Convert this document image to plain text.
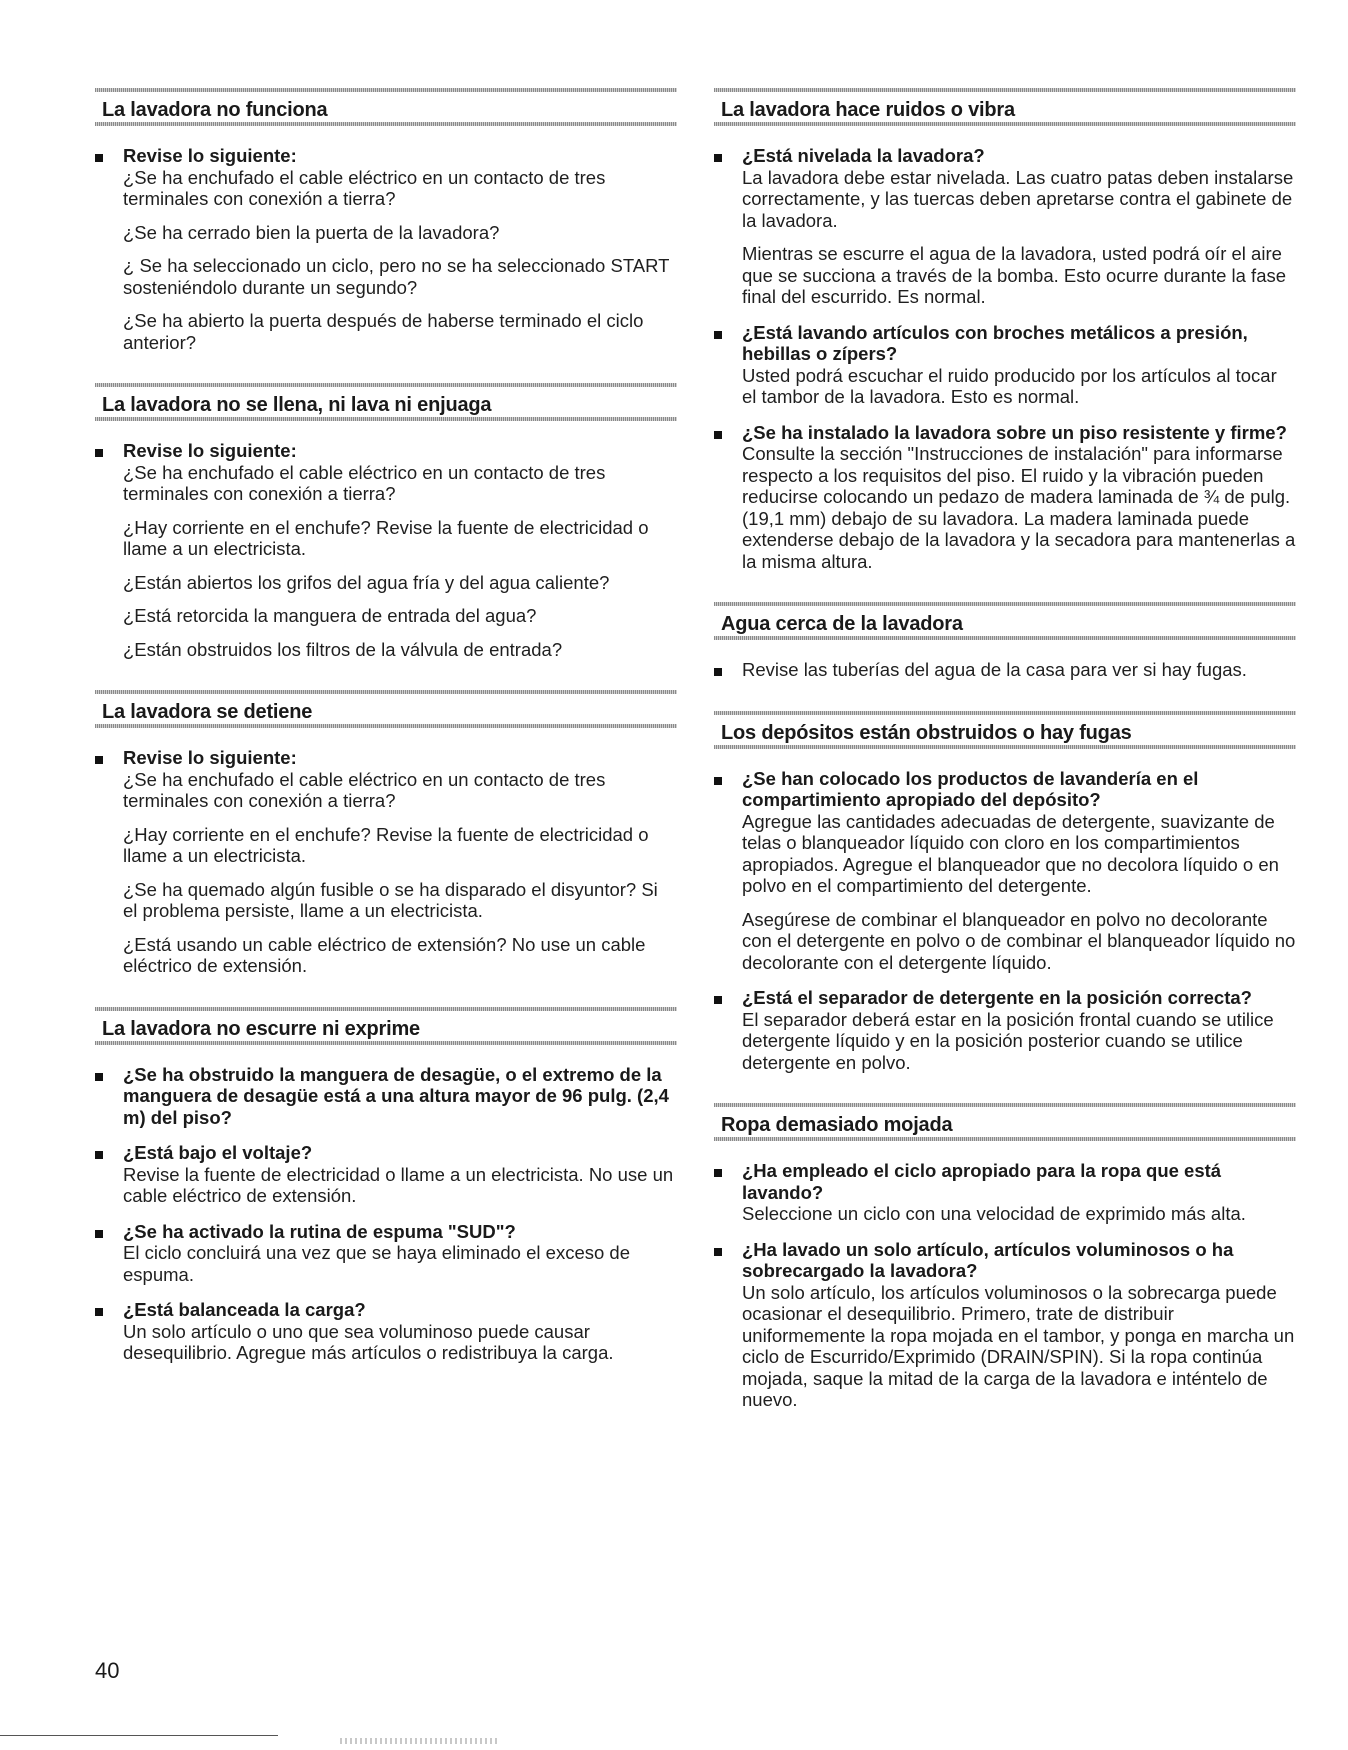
La lavadora no funciona
Revise lo siguiente:

¿Se ha enchufado el cable eléctrico en un contacto de tres terminales con conexión a tierra?

¿Se ha cerrado bien la puerta de la lavadora?

¿ Se ha seleccionado un ciclo, pero no se ha seleccionado START sosteniéndolo durante un segundo?

¿Se ha abierto la puerta después de haberse terminado el ciclo anterior?

La lavadora no se llena, ni lava ni enjuaga
Revise lo siguiente:

¿Se ha enchufado el cable eléctrico en un contacto de tres terminales con conexión a tierra?

¿Hay corriente en el enchufe? Revise la fuente de electricidad o llame a un electricista.

¿Están abiertos los grifos del agua fría y del agua caliente?

¿Está retorcida la manguera de entrada del agua?

¿Están obstruidos los filtros de la válvula de entrada?

La lavadora se detiene
Revise lo siguiente:

¿Se ha enchufado el cable eléctrico en un contacto de tres terminales con conexión a tierra?

¿Hay corriente en el enchufe? Revise la fuente de electricidad o llame a un electricista.

¿Se ha quemado algún fusible o se ha disparado el disyuntor? Si el problema persiste, llame a un electricista.

¿Está usando un cable eléctrico de extensión? No use un cable eléctrico de extensión.

La lavadora no escurre ni exprime
¿Se ha obstruido la manguera de desagüe, o el extremo de la manguera de desagüe está a una altura mayor de 96 pulg. (2,4 m) del piso?
¿Está bajo el voltaje?

Revise la fuente de electricidad o llame a un electricista. No use un cable eléctrico de extensión.

¿Se ha activado la rutina de espuma "SUD"?

El ciclo concluirá una vez que se haya eliminado el exceso de espuma.

¿Está balanceada la carga?

Un solo artículo o uno que sea voluminoso puede causar desequilibrio. Agregue más artículos o redistribuya la carga.

La lavadora hace ruidos o vibra
¿Está nivelada la lavadora?

La lavadora debe estar nivelada. Las cuatro patas deben instalarse correctamente, y las tuercas deben apretarse contra el gabinete de la lavadora.

Mientras se escurre el agua de la lavadora, usted podrá oír el aire que se succiona a través de la bomba. Esto ocurre durante la fase final del escurrido. Es normal.

¿Está lavando artículos con broches metálicos a presión, hebillas o zípers?

Usted podrá escuchar el ruido producido por los artículos al tocar el tambor de la lavadora. Esto es normal.

¿Se ha instalado la lavadora sobre un piso resistente y firme?

Consulte la sección "Instrucciones de instalación" para informarse respecto a los requisitos del piso. El ruido y la vibración pueden reducirse colocando un pedazo de madera laminada de ¾ de pulg. (19,1 mm) debajo de su lavadora. La madera laminada puede extenderse debajo de la lavadora y la secadora para mantenerlas a la misma altura.

Agua cerca de la lavadora

Revise las tuberías del agua de la casa para ver si hay fugas.

Los depósitos están obstruidos o hay fugas
¿Se han colocado los productos de lavandería en el compartimiento apropiado del depósito?

Agregue las cantidades adecuadas de detergente, suavizante de telas o blanqueador líquido con cloro en los compartimientos apropiados. Agregue el blanqueador que no decolora líquido o en polvo en el compartimiento del detergente.

Asegúrese de combinar el blanqueador en polvo no decolorante con el detergente en polvo o de combinar el blanqueador líquido no decolorante con el detergente líquido.

¿Está el separador de detergente en la posición correcta?

El separador deberá estar en la posición frontal cuando se utilice detergente líquido y en la posición posterior cuando se utilice detergente en polvo.

Ropa demasiado mojada
¿Ha empleado el ciclo apropiado para la ropa que está lavando?

Seleccione un ciclo con una velocidad de exprimido más alta.

¿Ha lavado un solo artículo, artículos voluminosos o ha sobrecargado la lavadora?

Un solo artículo, los artículos voluminosos o la sobrecarga puede ocasionar el desequilibrio. Primero, trate de distribuir uniformemente la ropa mojada en el tambor, y ponga en marcha un ciclo de Escurrido/Exprimido (DRAIN/SPIN). Si la ropa continúa mojada, saque la mitad de la carga de la lavadora e inténtelo de nuevo.

40
